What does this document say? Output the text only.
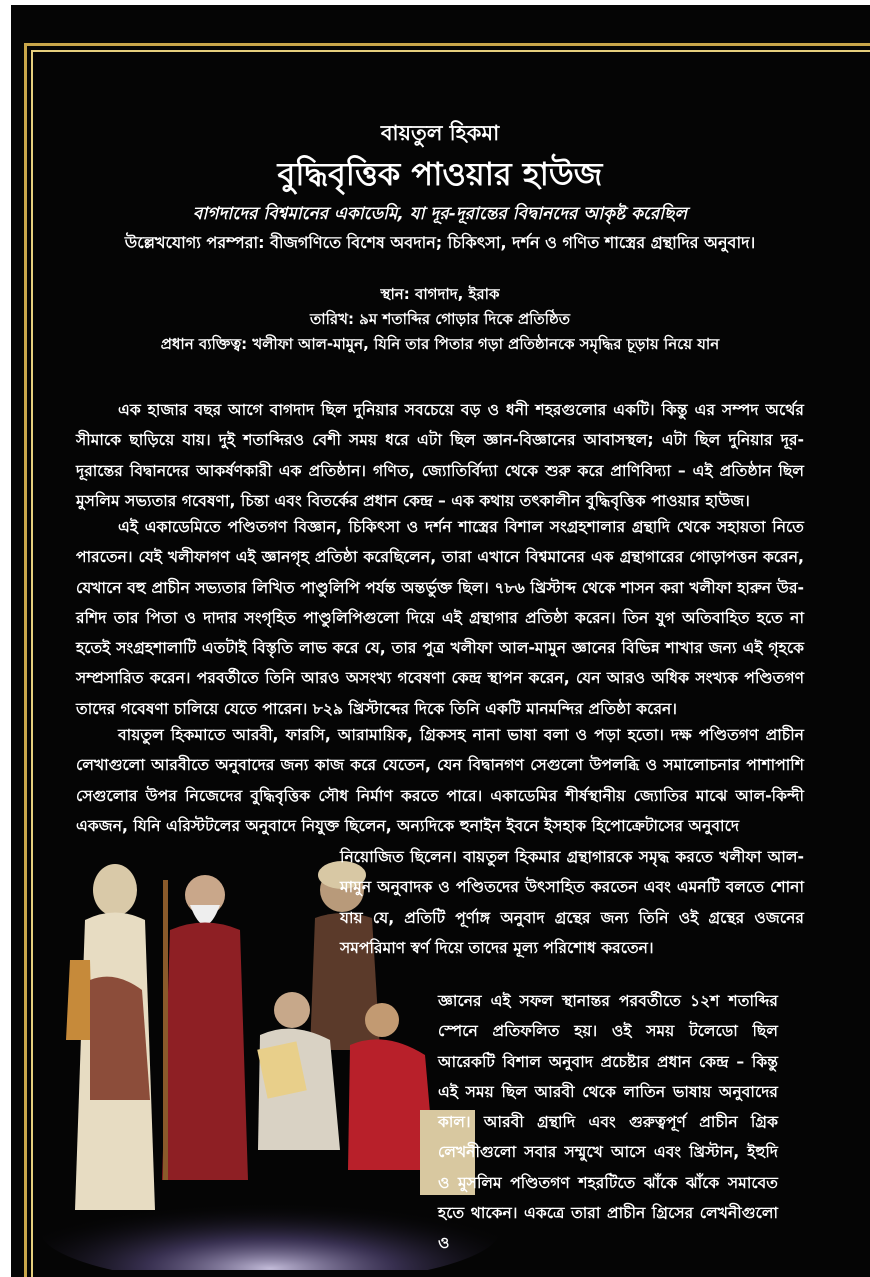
বায়তুল হিকমা
বুদ্ধিবৃত্তিক পাওয়ার হাউজ
বাগদাদের বিশ্বমানের একাডেমি, যা দূর-দূরান্তের বিদ্বানদের আকৃষ্ট করেছিল
উল্লেখযোগ্য পরম্পরা: বীজগণিতে বিশেষ অবদান; চিকিৎসা, দর্শন ও গণিত শাস্ত্রের গ্রন্থাদির অনুবাদ।
স্থান: বাগদাদ, ইরাক
তারিখ: ৯ম শতাব্দির গোড়ার দিকে প্রতিষ্ঠিত
প্রধান ব্যক্তিত্ব: খলীফা আল-মামুন, যিনি তার পিতার গড়া প্রতিষ্ঠানকে সমৃদ্ধির চূড়ায় নিয়ে যান
এক হাজার বছর আগে বাগদাদ ছিল দুনিয়ার সবচেয়ে বড় ও ধনী শহরগুলোর একটি। কিন্তু এর সম্পদ অর্থের সীমাকে ছাড়িয়ে যায়। দুই শতাব্দিরও বেশী সময় ধরে এটা ছিল জ্ঞান-বিজ্ঞানের আবাসস্থল; এটা ছিল দুনিয়ার দূর-দূরান্তের বিদ্বানদের আকর্ষণকারী এক প্রতিষ্ঠান। গণিত, জ্যোতির্বিদ্যা থেকে শুরু করে প্রাণিবিদ্যা – এই প্রতিষ্ঠান ছিল মুসলিম সভ্যতার গবেষণা, চিন্তা এবং বিতর্কের প্রধান কেন্দ্র – এক কথায় তৎকালীন বুদ্ধিবৃত্তিক পাওয়ার হাউজ।
এই একাডেমিতে পণ্ডিতগণ বিজ্ঞান, চিকিৎসা ও দর্শন শাস্ত্রের বিশাল সংগ্রহশালার গ্রন্থাদি থেকে সহায়তা নিতে পারতেন। যেই খলীফাগণ এই জ্ঞানগৃহ প্রতিষ্ঠা করেছিলেন, তারা এখানে বিশ্বমানের এক গ্রন্থাগারের গোড়াপত্তন করেন, যেখানে বহু প্রাচীন সভ্যতার লিখিত পাণ্ডুলিপি পর্যন্ত অন্তর্ভুক্ত ছিল। ৭৮৬ খ্রিস্টাব্দ থেকে শাসন করা খলীফা হারুন উর-রশিদ তার পিতা ও দাদার সংগৃহিত পাণ্ডুলিপিগুলো দিয়ে এই গ্রন্থাগার প্রতিষ্ঠা করেন। তিন যুগ অতিবাহিত হতে না হতেই সংগ্রহশালাটি এতটাই বিস্তৃতি লাভ করে যে, তার পুত্র খলীফা আল-মামুন জ্ঞানের বিভিন্ন শাখার জন্য এই গৃহকে সম্প্রসারিত করেন। পরবর্তীতে তিনি আরও অসংখ্য গবেষণা কেন্দ্র স্থাপন করেন, যেন আরও অধিক সংখ্যক পণ্ডিতগণ তাদের গবেষণা চালিয়ে যেতে পারেন। ৮২৯ খ্রিস্টাব্দের দিকে তিনি একটি মানমন্দির প্রতিষ্ঠা করেন।
বায়তুল হিকমাতে আরবী, ফারসি, আরামায়িক, গ্রিকসহ নানা ভাষা বলা ও পড়া হতো। দক্ষ পণ্ডিতগণ প্রাচীন লেখাগুলো আরবীতে অনুবাদের জন্য কাজ করে যেতেন, যেন বিদ্বানগণ সেগুলো উপলব্ধি ও সমালোচনার পাশাপাশি সেগুলোর উপর নিজেদের বুদ্ধিবৃত্তিক সৌধ নির্মাণ করতে পারে। একাডেমির শীর্ষস্থানীয় জ্যোতির মাঝে আল-কিন্দী একজন, যিনি এরিস্টটলের অনুবাদে নিযুক্ত ছিলেন, অন্যদিকে হুনাইন ইবনে ইসহাক হিপোক্রেটাসের অনুবাদে
নিয়োজিত ছিলেন। বায়তুল হিকমার গ্রন্থাগারকে সমৃদ্ধ করতে খলীফা আল-মামুন অনুবাদক ও পণ্ডিতদের উৎসাহিত করতেন এবং এমনটি বলতে শোনা যায় যে, প্রতিটি পূর্ণাঙ্গ অনুবাদ গ্রন্থের জন্য তিনি ওই গ্রন্থের ওজনের সমপরিমাণ স্বর্ণ দিয়ে তাদের মূল্য পরিশোধ করতেন।
জ্ঞানের এই সফল স্থানান্তর পরবর্তীতে ১২শ শতাব্দির স্পেনে প্রতিফলিত হয়। ওই সময় টলেডো ছিল আরেকটি বিশাল অনুবাদ প্রচেষ্টার প্রধান কেন্দ্র – কিন্তু এই সময় ছিল আরবী থেকে লাতিন ভাষায় অনুবাদের কাল। আরবী গ্রন্থাদি এবং গুরুত্বপূর্ণ প্রাচীন গ্রিক লেখনীগুলো সবার সম্মুখে আসে এবং খ্রিস্টান, ইহুদি ও মুসলিম পণ্ডিতগণ শহরটিতে ঝাঁকে ঝাঁকে সমাবেত হতে থাকেন। একত্রে তারা প্রাচীন গ্রিসের লেখনীগুলো ও
